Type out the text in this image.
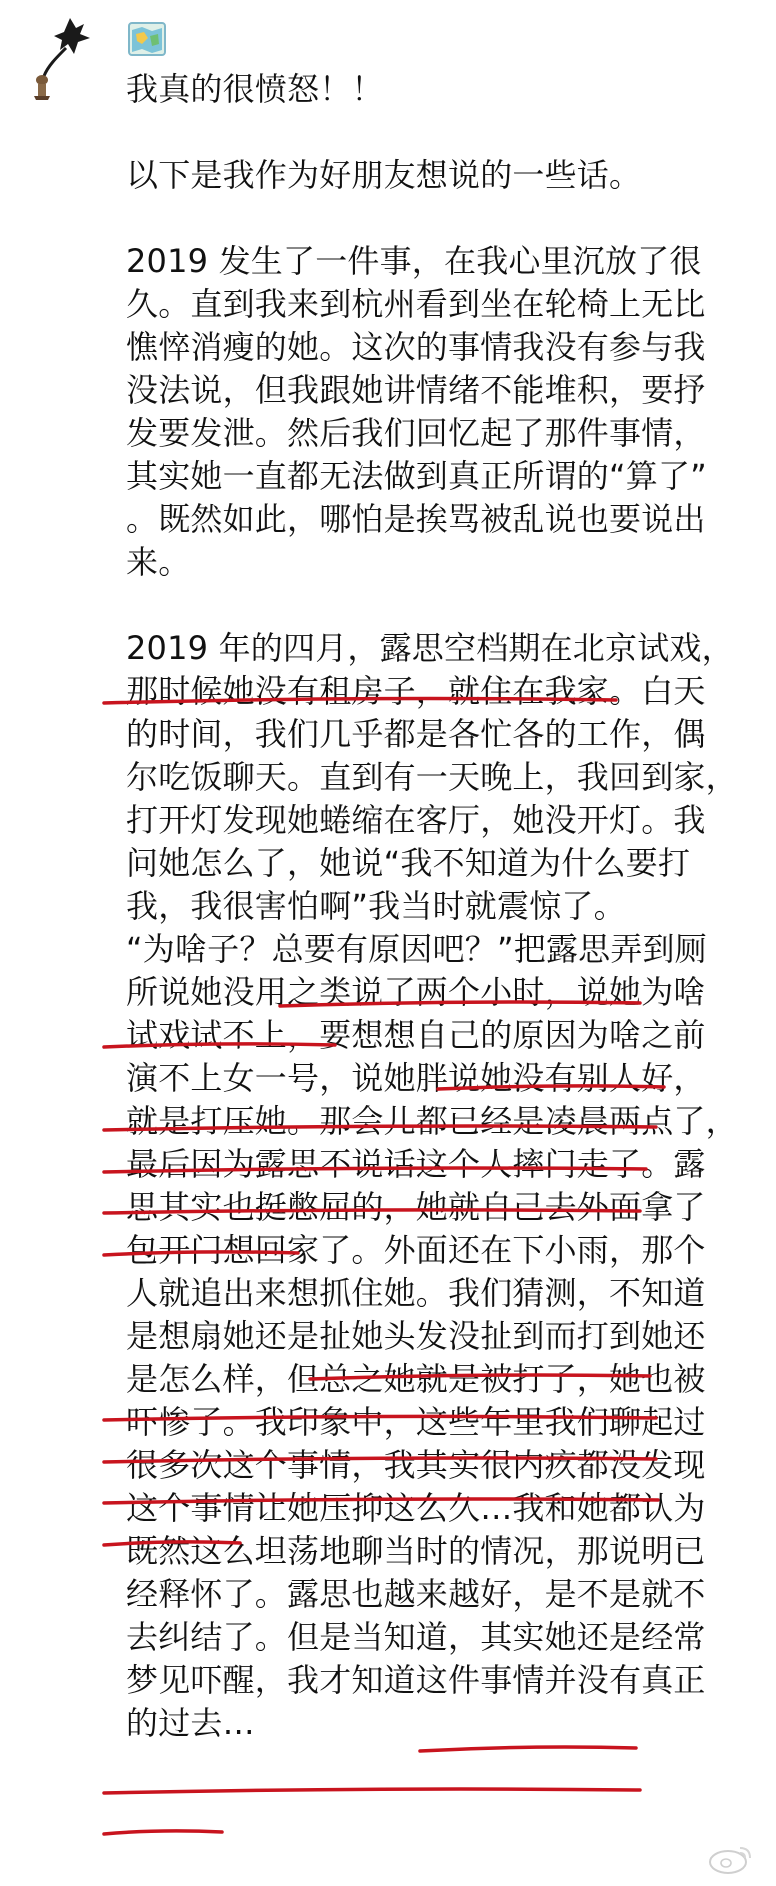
我真的很愤怒！！
以下是我作为好朋友想说的一些话。
2019 发生了一件事，在我心里沉放了很
久。直到我来到杭州看到坐在轮椅上无比
憔悴消瘦的她。这次的事情我没有参与我
没法说，但我跟她讲情绪不能堆积，要抒
发要发泄。然后我们回忆起了那件事情，
其实她一直都无法做到真正所谓的“算了”
。既然如此，哪怕是挨骂被乱说也要说出
来。
2019 年的四月，露思空档期在北京试戏，
那时候她没有租房子，就住在我家。白天
的时间，我们几乎都是各忙各的工作，偶
尔吃饭聊天。直到有一天晚上，我回到家，
打开灯发现她蜷缩在客厅，她没开灯。我
问她怎么了，她说“我不知道为什么要打
我，我很害怕啊”我当时就震惊了。
“为啥子？总要有原因吧？”把露思弄到厕
所说她没用之类说了两个小时，说她为啥
试戏试不上，要想想自己的原因为啥之前
演不上女一号，说她胖说她没有别人好，
就是打压她。那会儿都已经是凌晨两点了，
最后因为露思不说话这个人摔门走了。露
思其实也挺憋屈的，她就自己去外面拿了
包开门想回家了。外面还在下小雨，那个
人就追出来想抓住她。我们猜测，不知道
是想扇她还是扯她头发没扯到而打到她还
是怎么样，但总之她就是被打了，她也被
吓惨了。我印象中，这些年里我们聊起过
很多次这个事情，我其实很内疚都没发现
这个事情让她压抑这么久…我和她都认为
既然这么坦荡地聊当时的情况，那说明已
经释怀了。露思也越来越好，是不是就不
去纠结了。但是当知道，其实她还是经常
梦见吓醒，我才知道这件事情并没有真正
的过去…
